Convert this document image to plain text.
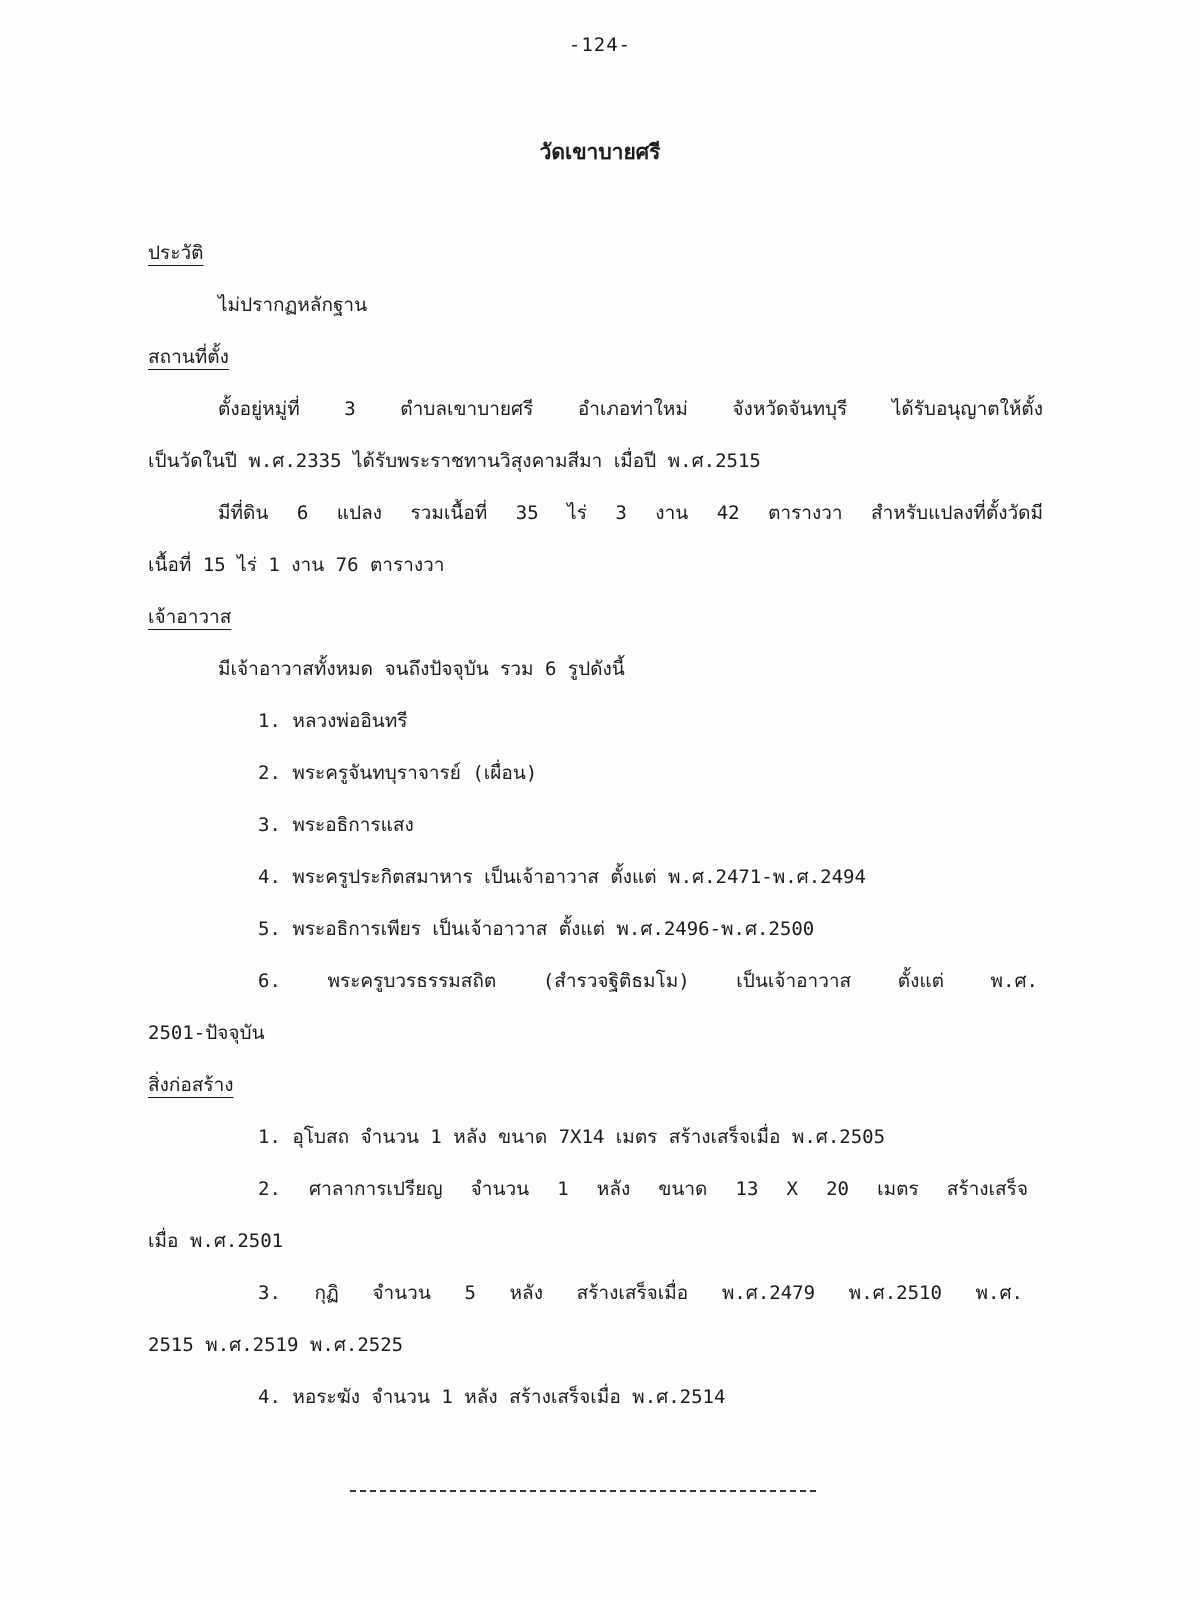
-124-
วัดเขาบายศรี
ประวัติ
ไม่ปรากฏหลักฐาน
สถานที่ตั้ง
ตั้งอยู่หมู่ที่ 3 ตำบลเขาบายศรี อำเภอท่าใหม่ จังหวัดจันทบุรี ได้รับอนุญาตให้ตั้ง
เป็นวัดในปี พ.ศ.2335 ได้รับพระราชทานวิสุงคามสีมา เมื่อปี พ.ศ.2515
มีที่ดิน 6 แปลง รวมเนื้อที่ 35 ไร่ 3 งาน 42 ตารางวา สำหรับแปลงที่ตั้งวัดมี
เนื้อที่ 15 ไร่ 1 งาน 76 ตารางวา
เจ้าอาวาส
มีเจ้าอาวาสทั้งหมด จนถึงปัจจุบัน รวม 6 รูปดังนี้
1. หลวงพ่ออินทรี
2. พระครูจันทบุราจารย์ (เผื่อน)
3. พระอธิการแสง
4. พระครูประกิตสมาหาร เป็นเจ้าอาวาส ตั้งแต่ พ.ศ.2471-พ.ศ.2494
5. พระอธิการเพียร เป็นเจ้าอาวาส ตั้งแต่ พ.ศ.2496-พ.ศ.2500
6. พระครูบวรธรรมสถิต (สำรวจฐิติธมโม) เป็นเจ้าอาวาส ตั้งแต่ พ.ศ.
2501-ปัจจุบัน
สิ่งก่อสร้าง
1. อุโบสถ จำนวน 1 หลัง ขนาด 7X14 เมตร สร้างเสร็จเมื่อ พ.ศ.2505
2. ศาลาการเปรียญ จำนวน 1 หลัง ขนาด 13 X 20 เมตร สร้างเสร็จ
เมื่อ พ.ศ.2501
3. กุฏิ จำนวน 5 หลัง สร้างเสร็จเมื่อ พ.ศ.2479 พ.ศ.2510 พ.ศ.
2515 พ.ศ.2519 พ.ศ.2525
4. หอระฆัง จำนวน 1 หลัง สร้างเสร็จเมื่อ พ.ศ.2514
